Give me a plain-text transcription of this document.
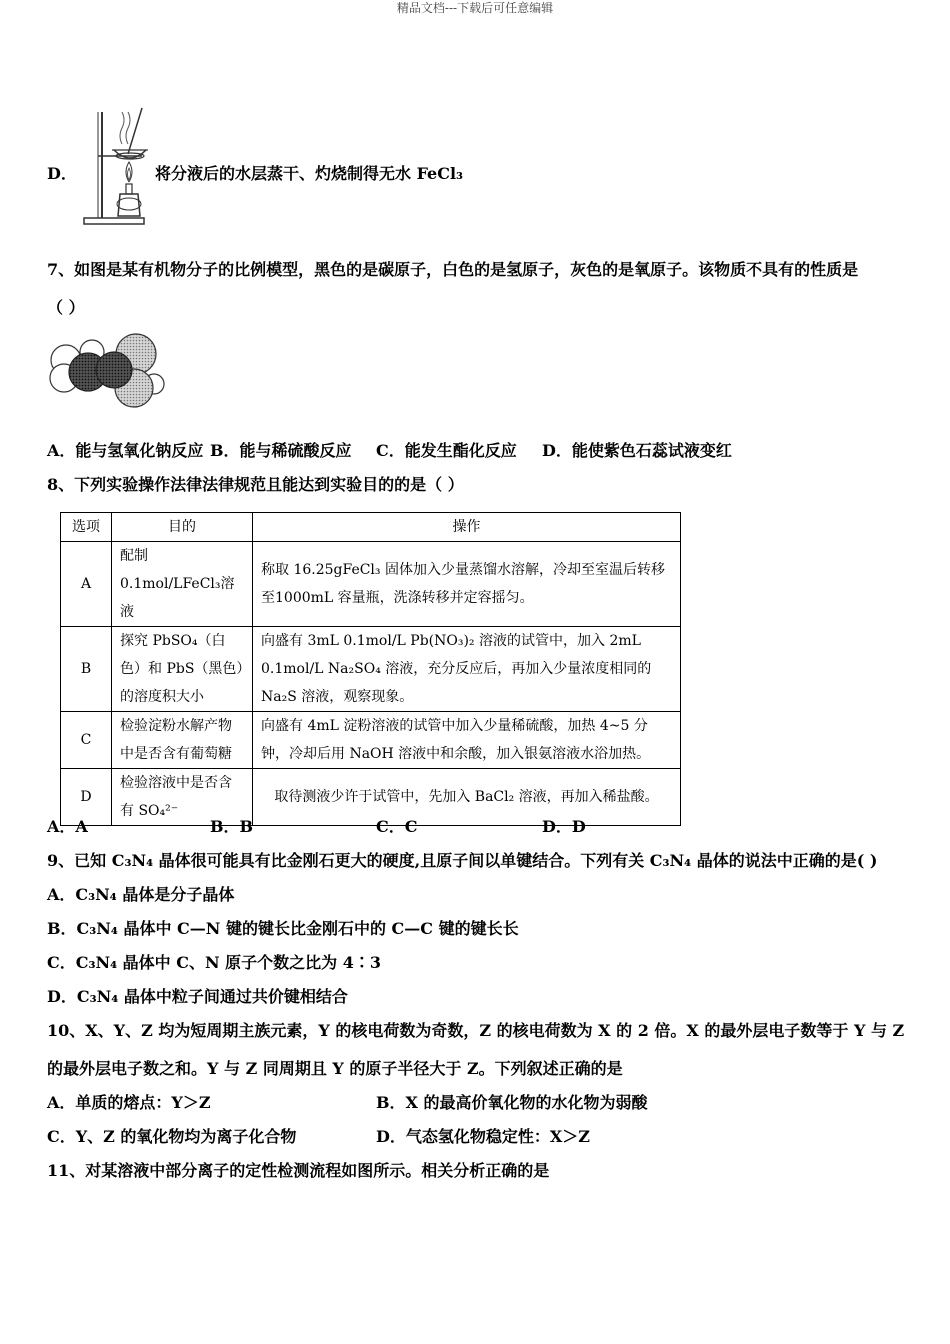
精品文档---下载后可任意编辑
D．	将分液后的水层蒸干、灼烧制得无水 FeCl₃
7、如图是某有机物分子的比例模型，黑色的是碳原子，白色的是氢原子，灰色的是氧原子。该物质不具有的性质是
（ ）
A．能与氢氧化钠反应 B．能与稀硫酸反应 C．能发生酯化反应 D．能使紫色石蕊试液变红
8、下列实验操作法律法律规范且能达到实验目的的是（ ）
选项	目的	操作
A	配制 0.1mol/LFeCl₃溶液	称取 16.25gFeCl₃ 固体加入少量蒸馏水溶解，冷却至室温后转移至1000mL 容量瓶，洗涤转移并定容摇匀。
B	探究 PbSO₄（白色）和 PbS（黑色）的溶度积大小	向盛有 3mL 0.1mol/L Pb(NO₃)₂ 溶液的试管中，加入 2mL 0.1mol/L Na₂SO₄ 溶液，充分反应后，再加入少量浓度相同的 Na₂S 溶液，观察现象。
C	检验淀粉水解产物中是否含有葡萄糖	向盛有 4mL 淀粉溶液的试管中加入少量稀硫酸，加热 4~5 分钟，冷却后用 NaOH 溶液中和余酸，加入银氨溶液水浴加热。
D	检验溶液中是否含有 SO₄²⁻	取待测液少许于试管中，先加入 BaCl₂ 溶液，再加入稀盐酸。
A．A	B．B	C．C	D．D
9、已知 C₃N₄ 晶体很可能具有比金刚石更大的硬度,且原子间以单键结合。下列有关 C₃N₄ 晶体的说法中正确的是( )
A．C₃N₄ 晶体是分子晶体
B．C₃N₄ 晶体中 C—N 键的键长比金刚石中的 C—C 键的键长长
C．C₃N₄ 晶体中 C、N 原子个数之比为 4∶3
D．C₃N₄ 晶体中粒子间通过共价键相结合
10、X、Y、Z 均为短周期主族元素，Y 的核电荷数为奇数，Z 的核电荷数为 X 的 2 倍。X 的最外层电子数等于 Y 与 Z
的最外层电子数之和。Y 与 Z 同周期且 Y 的原子半径大于 Z。下列叙述正确的是
A．单质的熔点：Y＞Z	B．X 的最高价氧化物的水化物为弱酸
C．Y、Z 的氧化物均为离子化合物	D．气态氢化物稳定性：X＞Z
11、对某溶液中部分离子的定性检测流程如图所示。相关分析正确的是
